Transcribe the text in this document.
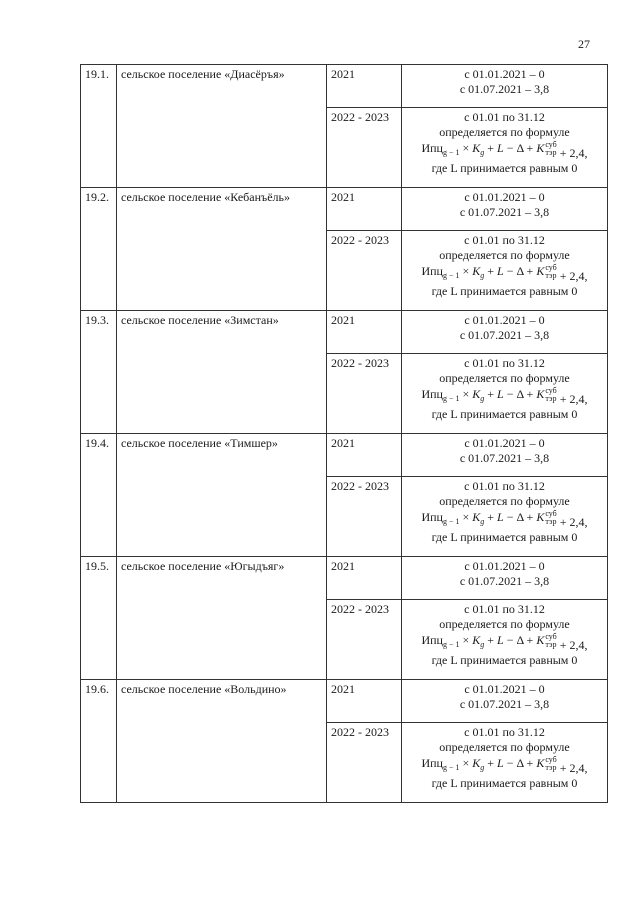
27
19.1.	сельское поселение «Диасёръя»	2021	с 01.01.2021 – 0
с 01.07.2021 – 3,8

		2022 - 2023	с 01.01 по 31.12
определяется по формуле
$Ипц_{g - 1} \times K_g + L - \Delta$ + Kсуб
тэр + 2,4,
где L принимается равным 0

19.2.	сельское поселение «Кебанъёль»	2021	с 01.01.2021 – 0
с 01.07.2021 – 3,8

		2022 - 2023	с 01.01 по 31.12
определяется по формуле
$Ипц_{g - 1} \times K_g + L - \Delta$ + Kсуб
тэр + 2,4,
где L принимается равным 0

19.3.	сельское поселение «Зимстан»	2021	с 01.01.2021 – 0
с 01.07.2021 – 3,8

		2022 - 2023	с 01.01 по 31.12
определяется по формуле
$Ипц_{g - 1} \times K_g + L - \Delta$ + Kсуб
тэр + 2,4,
где L принимается равным 0

19.4.	сельское поселение «Тимшер»	2021	с 01.01.2021 – 0
с 01.07.2021 – 3,8

		2022 - 2023	с 01.01 по 31.12
определяется по формуле
$Ипц_{g - 1} \times K_g + L - \Delta$ + Kсуб
тэр + 2,4,
где L принимается равным 0

19.5.	сельское поселение «Югыдъяг»	2021	с 01.01.2021 – 0
с 01.07.2021 – 3,8

		2022 - 2023	с 01.01 по 31.12
определяется по формуле
$Ипц_{g - 1} \times K_g + L - \Delta$ + Kсуб
тэр + 2,4,
где L принимается равным 0

19.6.	сельское поселение «Вольдино»	2021	с 01.01.2021 – 0
с 01.07.2021 – 3,8

		2022 - 2023	с 01.01 по 31.12
определяется по формуле
$Ипц_{g - 1} \times K_g + L - \Delta$ + Kсуб
тэр + 2,4,
где L принимается равным 0
